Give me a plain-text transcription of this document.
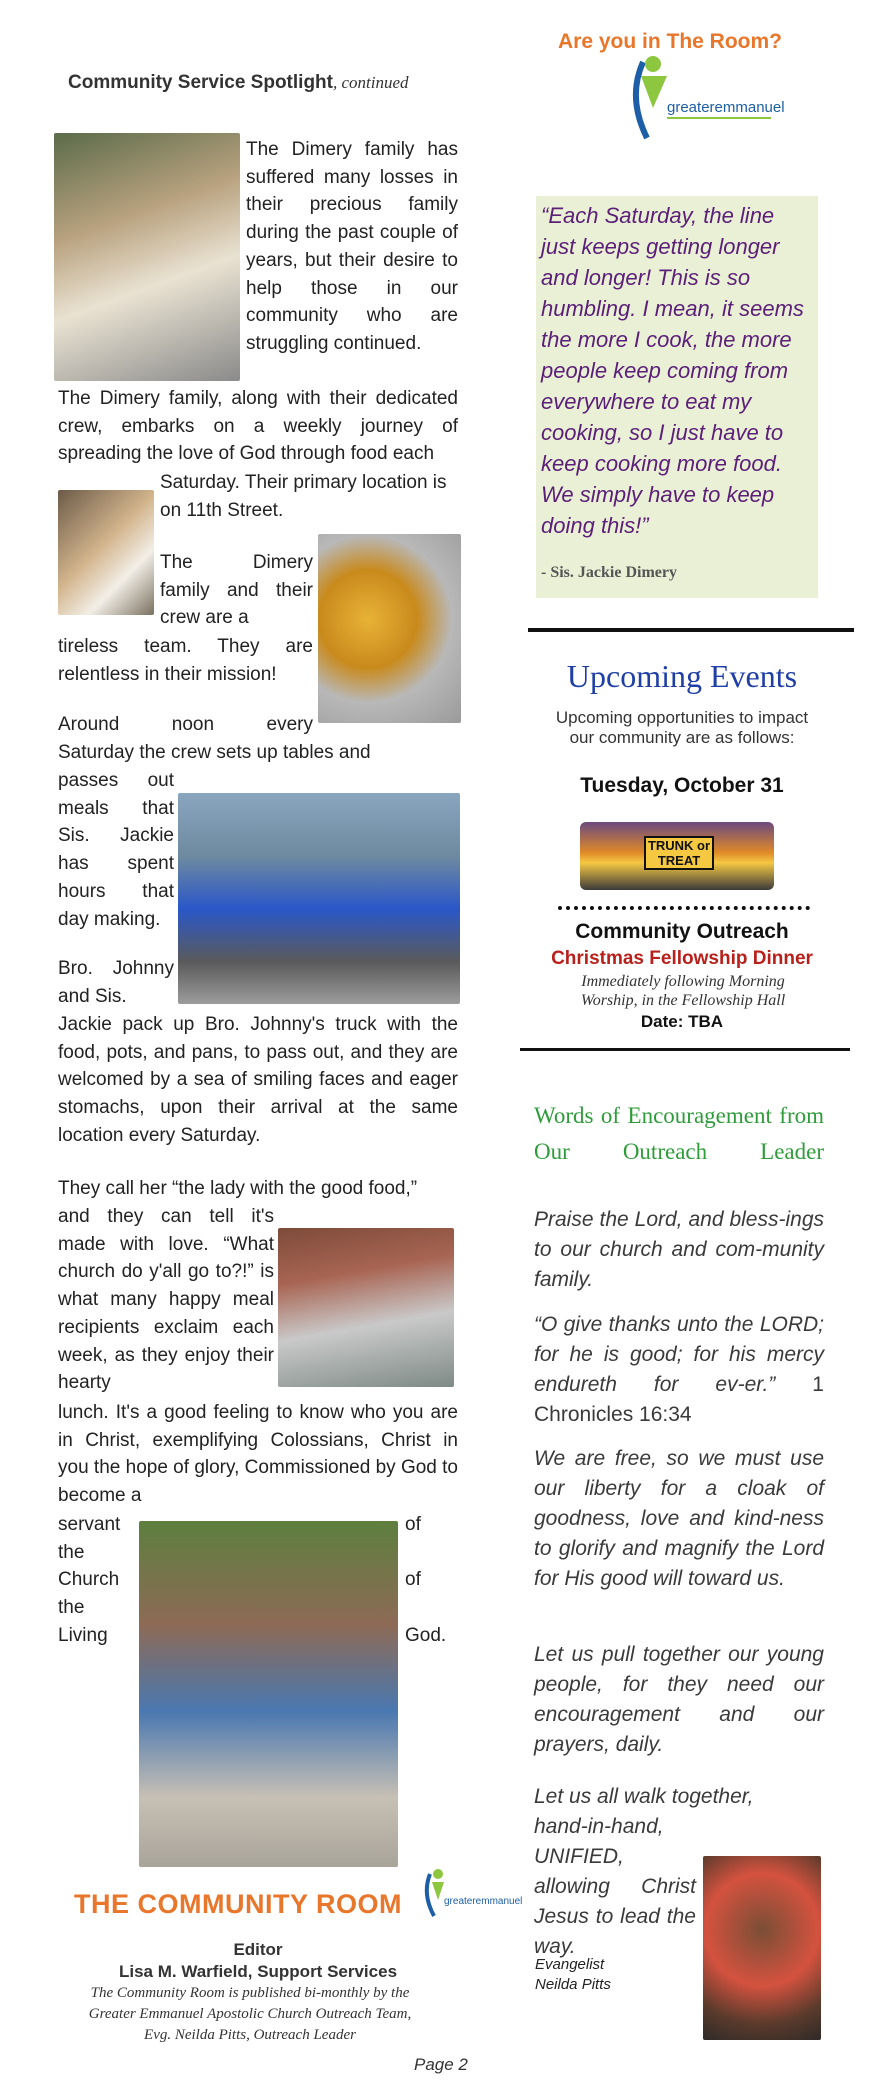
Community Service Spotlight, continued
The Dimery family has suffered many losses in their precious family during the past couple of years, but their desire to help those in our community who are struggling continued.
The Dimery family, along with their dedicated crew, embarks on a weekly journey of spreading the love of God through food each
Saturday. Their primary location is on 11th Street.
The Dimery family and their crew are a
tireless team. They are relentless in their mission!
Around noon every
Saturday the crew sets up tables and
passes out meals that Sis. Jackie has spent hours that day making.
Bro. Johnny and Sis.
Jackie pack up Bro. Johnny's truck with the food, pots, and pans, to pass out, and they are welcomed by a sea of smiling faces and eager stomachs, upon their arrival at the same location every Saturday.
They call her “the lady with the good food,”
and they can tell it's made with love. “What church do y'all go to?!” is what many happy meal recipients exclaim each week, as they enjoy their hearty
lunch. It's a good feeling to know who you are in Christ, exemplifying Colossians, Christ in you the hope of glory, Commissioned by God to become a
servant
the
Church
the
Living
of

of

God.
THE COMMUNITY ROOM	greateremmanuel
Editor
Lisa M. Warfield, Support Services
The Community Room is published bi-monthly by the
Greater Emmanuel Apostolic Church Outreach Team,
Evg. Neilda Pitts, Outreach Leader
Page 2
Are you in The Room?
greateremmanuel
“Each Saturday, the line just keeps getting longer and longer! This is so humbling. I mean, it seems the more I cook, the more people keep coming from everywhere to eat my cooking, so I just have to keep cooking more food. We simply have to keep doing this!”
- Sis. Jackie Dimery
Upcoming Events
Upcoming opportunities to impact our community are as follows:
Tuesday, October 31
TRUNK or TREAT
Community Outreach
Christmas Fellowship Dinner
Immediately following Morning Worship, in the Fellowship Hall
Date: TBA
Words of Encouragement from Our Outreach Leader
Praise the Lord, and bless-ings to our church and com-munity family.
“O give thanks unto the LORD; for he is good; for his mercy endureth for ev-er.” 1 Chronicles 16:34
We are free, so we must use our liberty for a cloak of goodness, love and kind-ness to glorify and magnify the Lord for His good will toward us.
Let us pull together our young people, for they need our encouragement and our prayers, daily.
Let us all walk together,
hand-in-hand, UNIFIED, allowing Christ Jesus to lead the way.
Evangelist
Neilda Pitts
